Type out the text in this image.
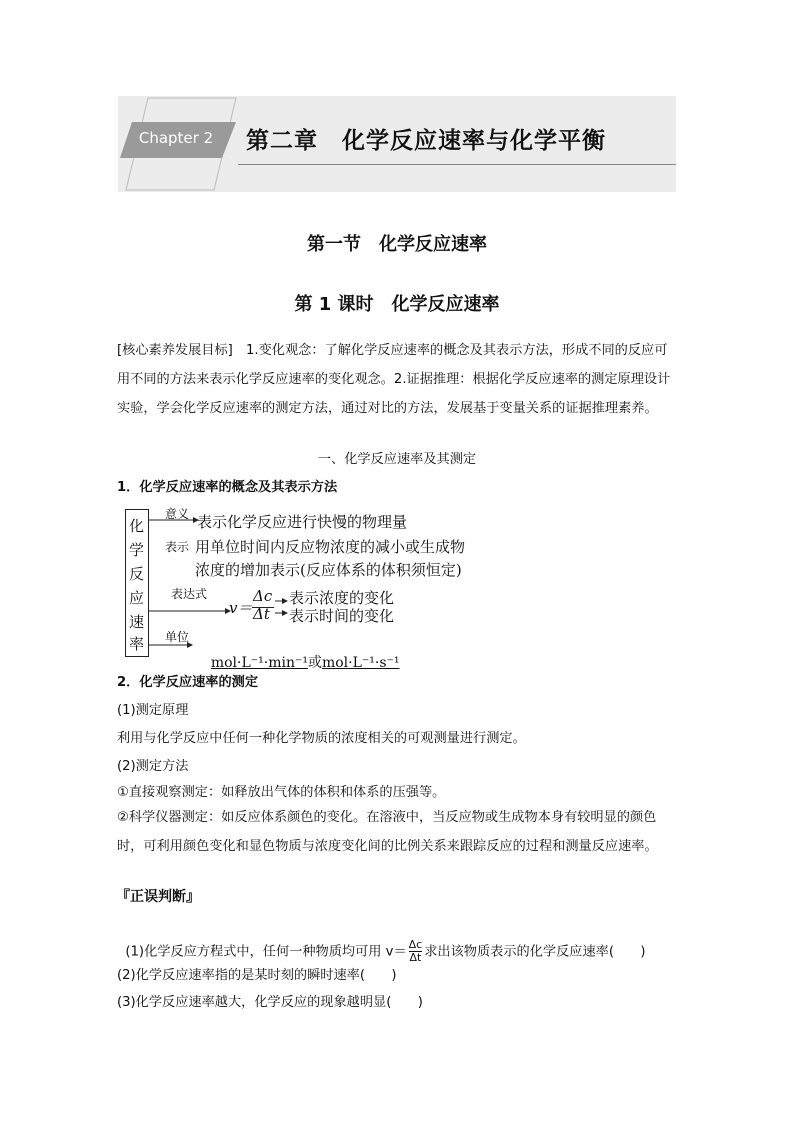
Chapter 2	第二章　化学反应速率与化学平衡
第一节　化学反应速率
第 1 课时　化学反应速率
[核心素养发展目标]　1.变化观念：了解化学反应速率的概念及其表示方法，形成不同的反应可用不同的方法来表示化学反应速率的变化观念。2.证据推理：根据化学反应速率的测定原理设计实验，学会化学反应速率的测定方法，通过对比的方法，发展基于变量关系的证据推理素养。
一、化学反应速率及其测定
1．化学反应速率的概念及其表示方法
化
学
反
应
速
率
意义 表示化学反应进行快慢的物理量
表示 用单位时间内反应物浓度的减小或生成物
浓度的增加表示(反应体系的体积须恒定)
表达式
v＝
Δc
Δt
表示浓度的变化
表示时间的变化
单位

mol·L⁻¹·min⁻¹或mol·L⁻¹·s⁻¹

2．化学反应速率的测定
(1)测定原理
利用与化学反应中任何一种化学物质的浓度相关的可观测量进行测定。
(2)测定方法
①直接观察测定：如释放出气体的体积和体系的压强等。
②科学仪器测定：如反应体系颜色的变化。在溶液中，当反应物或生成物本身有较明显的颜色时，可利用颜色变化和显色物质与浓度变化间的比例关系来跟踪反应的过程和测量反应速率。
『正误判断』

(1)化学反应方程式中，任何一种物质均可用 $v= \frac{\Delta c}{\Delta t}$ 求出该物质表示的化学反应速率(　　)

(2)化学反应速率指的是某时刻的瞬时速率(　　)
(3)化学反应速率越大，化学反应的现象越明显(　　)
